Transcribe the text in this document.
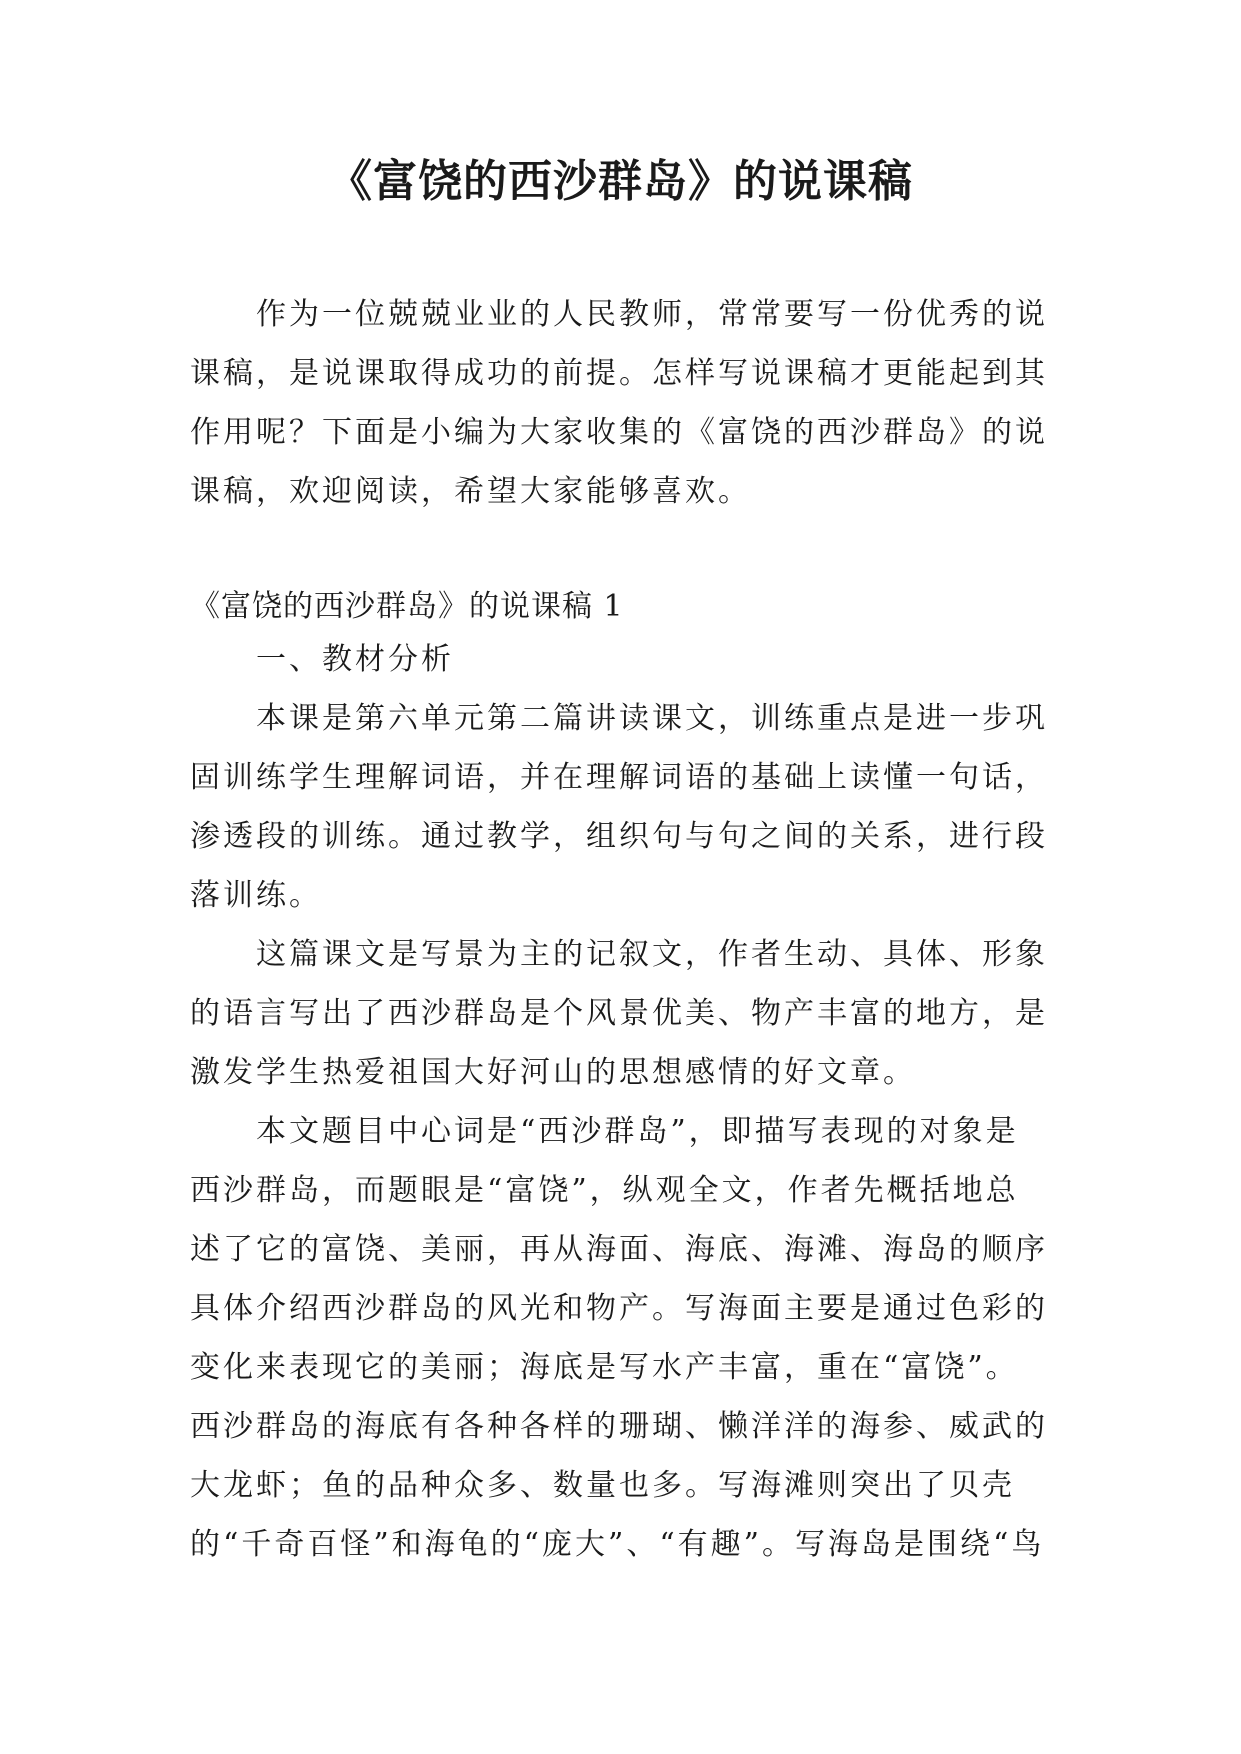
《富饶的西沙群岛》的说课稿

作为一位兢兢业业的人民教师，常常要写一份优秀的说课稿，是说课取得成功的前提。怎样写说课稿才更能起到其作用呢？下面是小编为大家收集的《富饶的西沙群岛》的说课稿，欢迎阅读，希望大家能够喜欢。

《富饶的西沙群岛》的说课稿 1

一、教材分析

本课是第六单元第二篇讲读课文，训练重点是进一步巩固训练学生理解词语，并在理解词语的基础上读懂一句话，渗透段的训练。通过教学，组织句与句之间的关系，进行段落训练。

这篇课文是写景为主的记叙文，作者生动、具体、形象的语言写出了西沙群岛是个风景优美、物产丰富的地方，是激发学生热爱祖国大好河山的思想感情的好文章。

本文题目中心词是“西沙群岛”，即描写表现的对象是西沙群岛，而题眼是“富饶”，纵观全文，作者先概括地总述了它的富饶、美丽，再从海面、海底、海滩、海岛的顺序具体介绍西沙群岛的风光和物产。写海面主要是通过色彩的变化来表现它的美丽；海底是写水产丰富，重在“富饶”。西沙群岛的海底有各种各样的珊瑚、懒洋洋的海参、威武的大龙虾；鱼的品种众多、数量也多。写海滩则突出了贝壳的“千奇百怪”和海龟的“庞大”、“有趣”。写海岛是围绕“鸟
